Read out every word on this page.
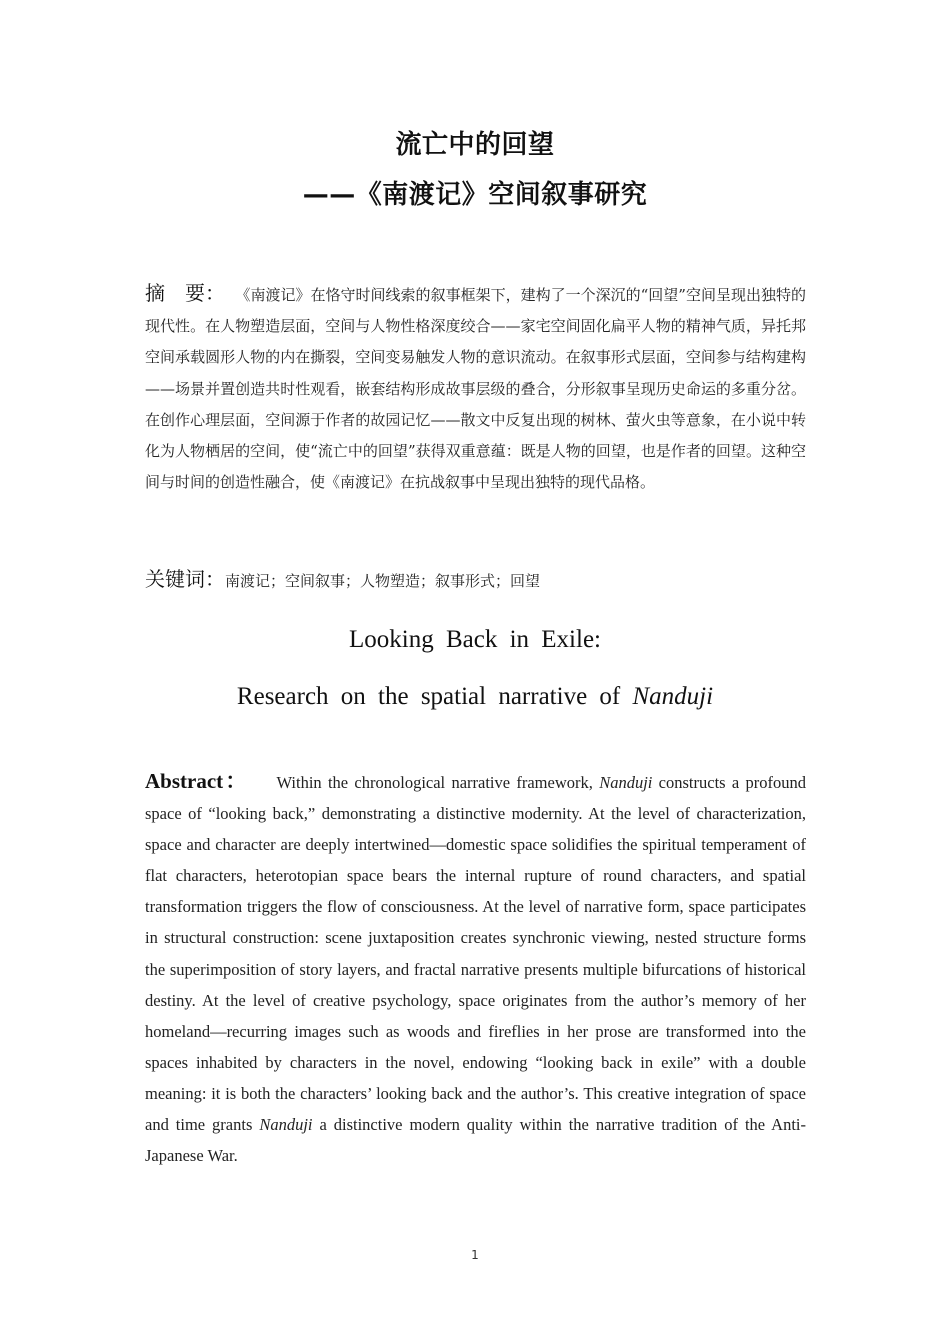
流亡中的回望
——《南渡记》空间叙事研究
摘　要： 《南渡记》在恪守时间线索的叙事框架下，建构了一个深沉的“回望”空间呈现出独特的现代性。在人物塑造层面，空间与人物性格深度绞合——家宅空间固化扁平人物的精神气质，异托邦空间承载圆形人物的内在撕裂，空间变易触发人物的意识流动。在叙事形式层面，空间参与结构建构——场景并置创造共时性观看，嵌套结构形成故事层级的叠合，分形叙事呈现历史命运的多重分岔。在创作心理层面，空间源于作者的故园记忆——散文中反复出现的树林、萤火虫等意象，在小说中转化为人物栖居的空间，使“流亡中的回望”获得双重意蕴：既是人物的回望，也是作者的回望。这种空间与时间的创造性融合，使《南渡记》在抗战叙事中呈现出独特的现代品格。
关键词：南渡记；空间叙事；人物塑造；叙事形式；回望
Looking Back in Exile:
Research on the spatial narrative of Nanduji
Abstract： Within the chronological narrative framework, Nanduji constructs a profound space of “looking back,” demonstrating a distinctive modernity. At the level of characterization, space and character are deeply intertwined—domestic space solidifies the spiritual temperament of flat characters, heterotopian space bears the internal rupture of round characters, and spatial transformation triggers the flow of consciousness. At the level of narrative form, space participates in structural construction: scene juxtaposition creates synchronic viewing, nested structure forms the superimposition of story layers, and fractal narrative presents multiple bifurcations of historical destiny. At the level of creative psychology, space originates from the author’s memory of her homeland—recurring images such as woods and fireflies in her prose are transformed into the spaces inhabited by characters in the novel, endowing “looking back in exile” with a double meaning: it is both the characters’ looking back and the author’s. This creative integration of space and time grants Nanduji a distinctive modern quality within the narrative tradition of the Anti-Japanese War.
1
